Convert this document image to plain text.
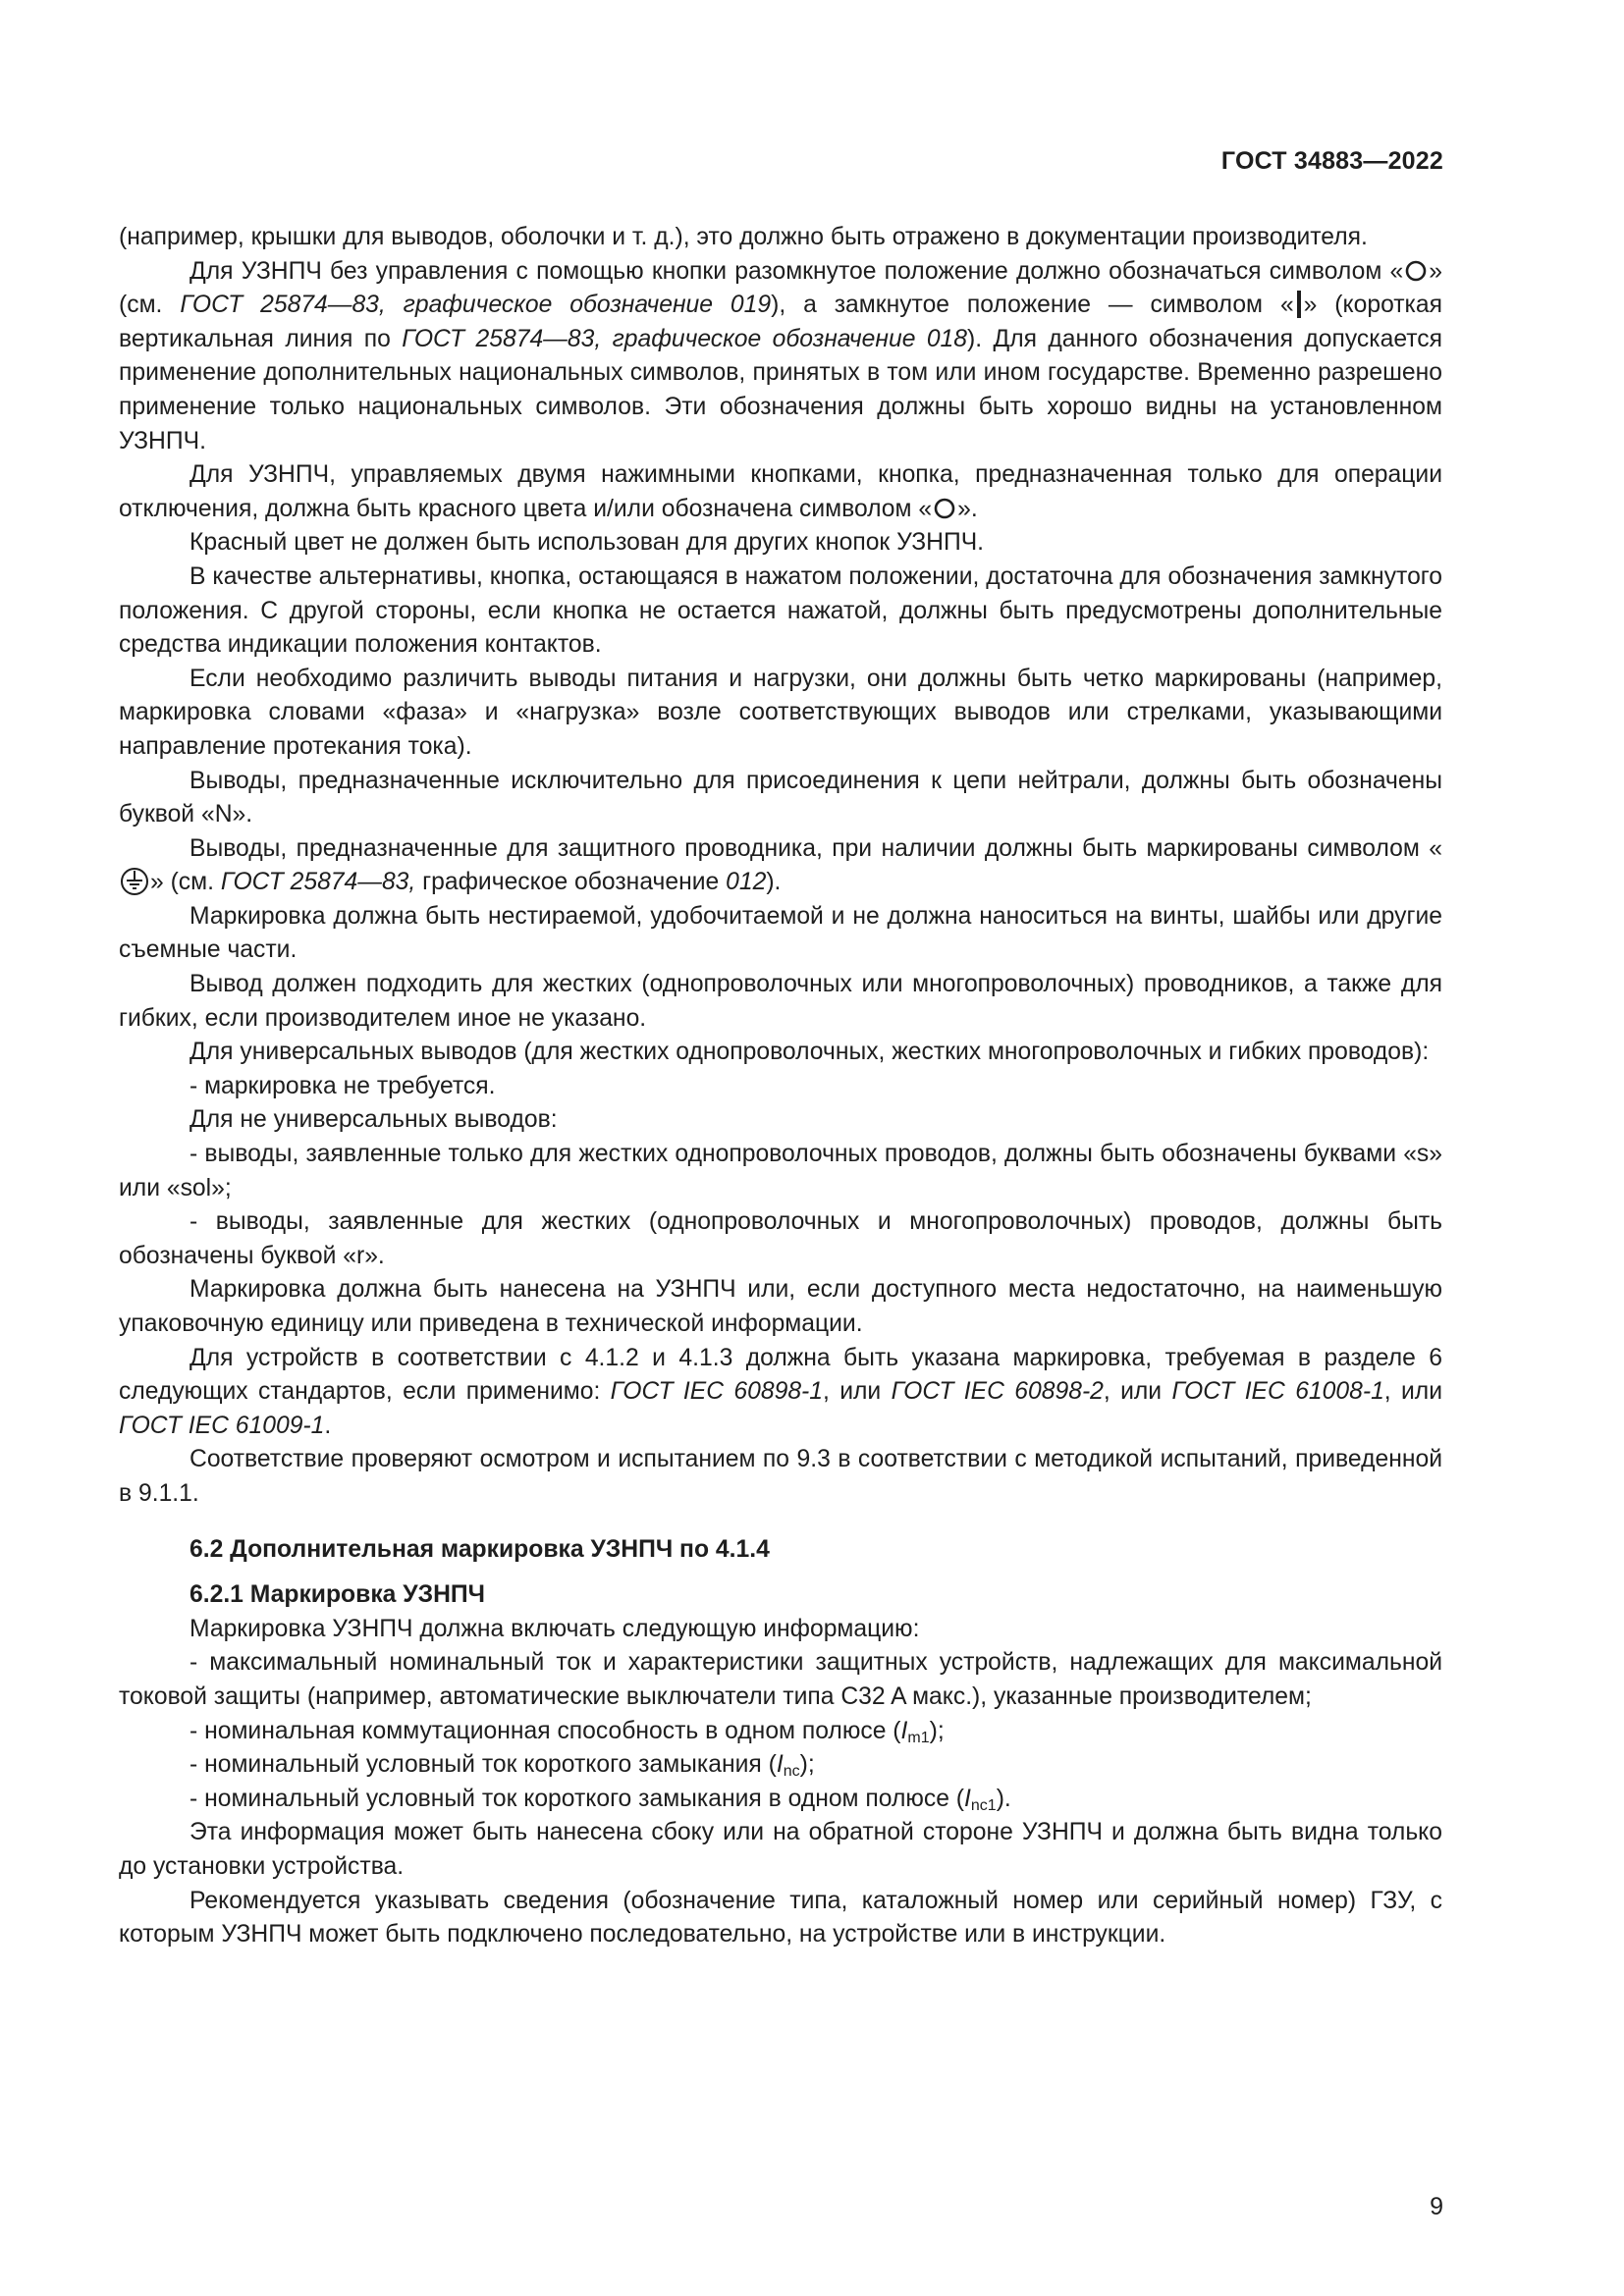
ГОСТ 34883—2022

(например, крышки для выводов, оболочки и т. д.), это должно быть отражено в документации производителя.

Для УЗНПЧ без управления с помощью кнопки разомкнутое положение должно обозначаться символом « » (см. ГОСТ 25874—83, графическое обозначение 019), а замкнутое положение — символом « » (короткая вертикальная линия по ГОСТ 25874—83, графическое обозначение 018). Для данного обозначения допускается применение дополнительных национальных символов, принятых в том или ином государстве. Временно разрешено применение только национальных символов. Эти обозначения должны быть хорошо видны на установленном УЗНПЧ.

Для УЗНПЧ, управляемых двумя нажимными кнопками, кнопка, предназначенная только для операции отключения, должна быть красного цвета и/или обозначена символом « ».

Красный цвет не должен быть использован для других кнопок УЗНПЧ.

В качестве альтернативы, кнопка, остающаяся в нажатом положении, достаточна для обозначения замкнутого положения. С другой стороны, если кнопка не остается нажатой, должны быть предусмотрены дополнительные средства индикации положения контактов.

Если необходимо различить выводы питания и нагрузки, они должны быть четко маркированы (например, маркировка словами «фаза» и «нагрузка» возле соответствующих выводов или стрелками, указывающими направление протекания тока).

Выводы, предназначенные исключительно для присоединения к цепи нейтрали, должны быть обозначены буквой «N».

Выводы, предназначенные для защитного проводника, при наличии должны быть маркированы символом «» (см. ГОСТ 25874—83, графическое обозначение 012).

Маркировка должна быть нестираемой, удобочитаемой и не должна наноситься на винты, шайбы или другие съемные части.

Вывод должен подходить для жестких (однопроволочных или многопроволочных) проводников, а также для гибких, если производителем иное не указано.

Для универсальных выводов (для жестких однопроволочных, жестких многопроволочных и гибких проводов):

- маркировка не требуется.

Для не универсальных выводов:

- выводы, заявленные только для жестких однопроволочных проводов, должны быть обозначены буквами «s» или «sol»;

- выводы, заявленные для жестких (однопроволочных и многопроволочных) проводов, должны быть обозначены буквой «r».

Маркировка должна быть нанесена на УЗНПЧ или, если доступного места недостаточно, на наименьшую упаковочную единицу или приведена в технической информации.

Для устройств в соответствии с 4.1.2 и 4.1.3 должна быть указана маркировка, требуемая в разделе 6 следующих стандартов, если применимо: ГОСТ IEC 60898-1, или ГОСТ IEC 60898-2, или ГОСТ IEC 61008-1, или ГОСТ IEC 61009-1.

Соответствие проверяют осмотром и испытанием по 9.3 в соответствии с методикой испытаний, приведенной в 9.1.1.

6.2 Дополнительная маркировка УЗНПЧ по 4.1.4
6.2.1 Маркировка УЗНПЧ

Маркировка УЗНПЧ должна включать следующую информацию:

- максимальный номинальный ток и характеристики защитных устройств, надлежащих для максимальной токовой защиты (например, автоматические выключатели типа C32 A макс.), указанные производителем;

- номинальная коммутационная способность в одном полюсе $(I_{m1})$;

- номинальный условный ток короткого замыкания $(I_{nc})$;

- номинальный условный ток короткого замыкания в одном полюсе $(I_{nc1})$.

Эта информация может быть нанесена сбоку или на обратной стороне УЗНПЧ и должна быть видна только до установки устройства.

Рекомендуется указывать сведения (обозначение типа, каталожный номер или серийный номер) ГЗУ, с которым УЗНПЧ может быть подключено последовательно, на устройстве или в инструкции.

9
